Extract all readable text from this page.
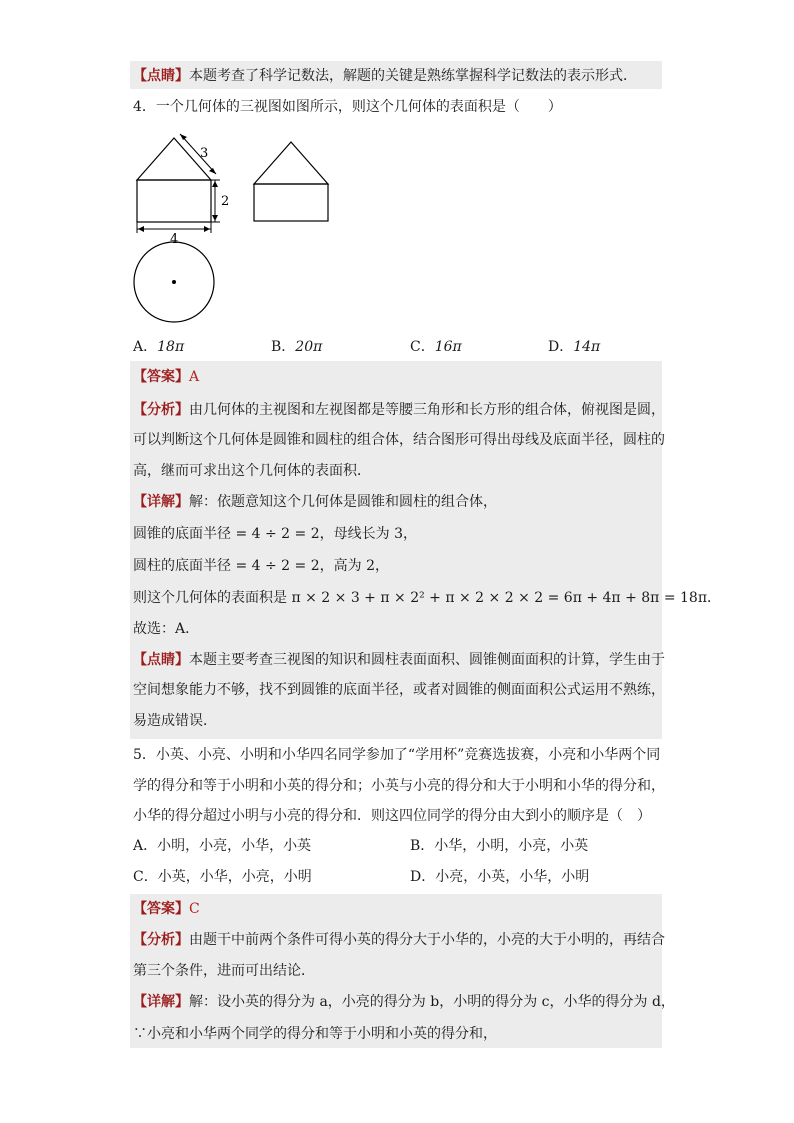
【点睛】本题考查了科学记数法，解题的关键是熟练掌握科学记数法的表示形式．
4．一个几何体的三视图如图所示，则这个几何体的表面积是（　　）
3
2
4
A．18π	B．20π	C．16π	D．14π
【答案】A
【分析】由几何体的主视图和左视图都是等腰三角形和长方形的组合体，俯视图是圆，
可以判断这个几何体是圆锥和圆柱的组合体，结合图形可得出母线及底面半径，圆柱的
高，继而可求出这个几何体的表面积．
【详解】解：依题意知这个几何体是圆锥和圆柱的组合体，
圆锥的底面半径 = 4 ÷ 2 = 2，母线长为 3，
圆柱的底面半径 = 4 ÷ 2 = 2，高为 2，
则这个几何体的表面积是 π × 2 × 3 + π × 2² + π × 2 × 2 × 2 = 6π + 4π + 8π = 18π．
故选：A．
【点睛】本题主要考查三视图的知识和圆柱表面面积、圆锥侧面面积的计算，学生由于
空间想象能力不够，找不到圆锥的底面半径，或者对圆锥的侧面面积公式运用不熟练，
易造成错误．
5．小英、小亮、小明和小华四名同学参加了“学用杯”竞赛选拔赛，小亮和小华两个同
学的得分和等于小明和小英的得分和；小英与小亮的得分和大于小明和小华的得分和，
小华的得分超过小明与小亮的得分和．则这四位同学的得分由大到小的顺序是（　）
A．小明，小亮，小华，小英	B．小华，小明，小亮，小英
C．小英，小华，小亮，小明	D．小亮，小英，小华，小明
【答案】C
【分析】由题干中前两个条件可得小英的得分大于小华的，小亮的大于小明的，再结合
第三个条件，进而可出结论．
【详解】解：设小英的得分为 a，小亮的得分为 b，小明的得分为 c，小华的得分为 d，
∵小亮和小华两个同学的得分和等于小明和小英的得分和，
